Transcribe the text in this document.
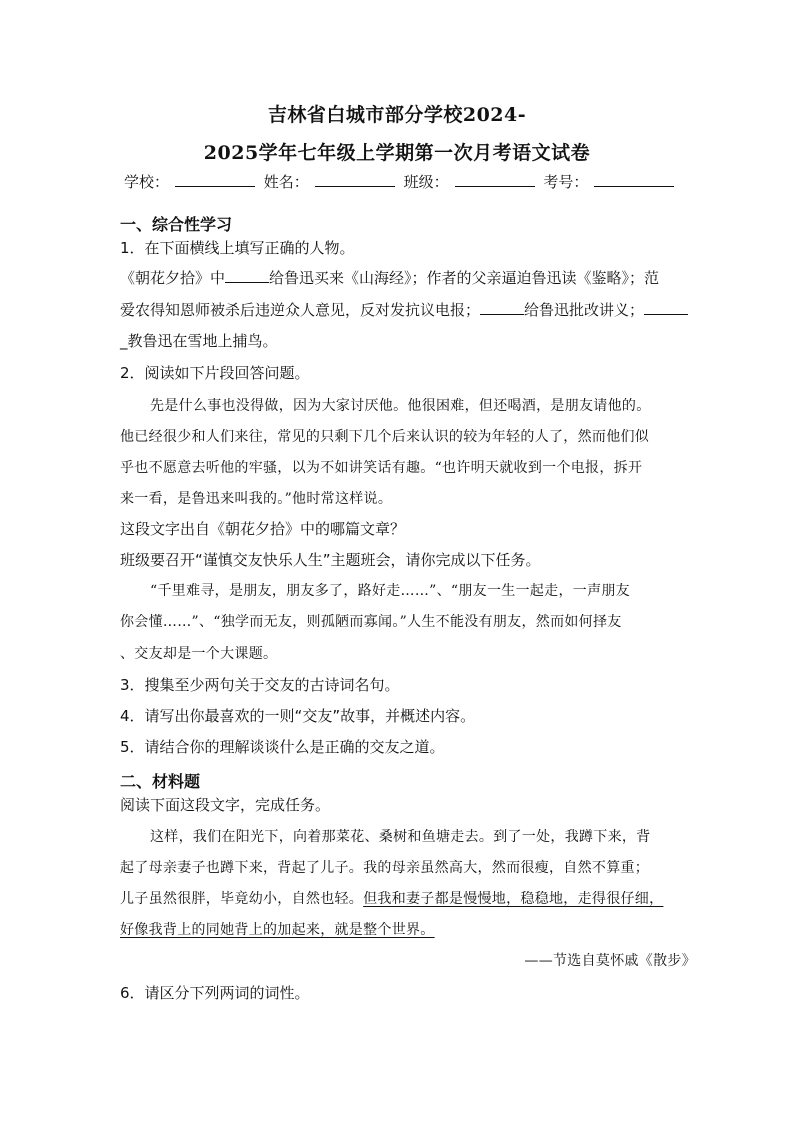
吉林省白城市部分学校2024-
2025学年七年级上学期第一次月考语文试卷
学校：	姓名：	班级：	考号：
一、综合性学习
1．在下面横线上填写正确的人物。
《朝花夕拾》中	给鲁迅买来《山海经》；作者的父亲逼迫鲁迅读《鉴略》；范
爱农得知恩师被杀后违逆众人意见，反对发抗议电报；	给鲁迅批改讲义；
_教鲁迅在雪地上捕鸟。
2．阅读如下片段回答问题。
先是什么事也没得做，因为大家讨厌他。他很困难，但还喝酒，是朋友请他的。
他已经很少和人们来往，常见的只剩下几个后来认识的较为年轻的人了，然而他们似
乎也不愿意去听他的牢骚，以为不如讲笑话有趣。“也许明天就收到一个电报，拆开
来一看，是鲁迅来叫我的。”他时常这样说。
这段文字出自《朝花夕拾》中的哪篇文章？
班级要召开“谨慎交友快乐人生”主题班会，请你完成以下任务。
“千里难寻，是朋友，朋友多了，路好走……”、“朋友一生一起走，一声朋友
你会懂……”、“独学而无友，则孤陋而寡闻。”人生不能没有朋友，然而如何择友
、交友却是一个大课题。
3．搜集至少两句关于交友的古诗词名句。
4．请写出你最喜欢的一则“交友”故事，并概述内容。
5．请结合你的理解谈谈什么是正确的交友之道。
二、材料题
阅读下面这段文字，完成任务。
这样，我们在阳光下，向着那菜花、桑树和鱼塘走去。到了一处，我蹲下来，背
起了母亲妻子也蹲下来，背起了儿子。我的母亲虽然高大，然而很瘦，自然不算重；
儿子虽然很胖，毕竟幼小，自然也轻。但我和妻子都是慢慢地，稳稳地，走得很仔细，
好像我背上的同她背上的加起来，就是整个世界。
——节选自莫怀戚《散步》
6．请区分下列两词的词性。
